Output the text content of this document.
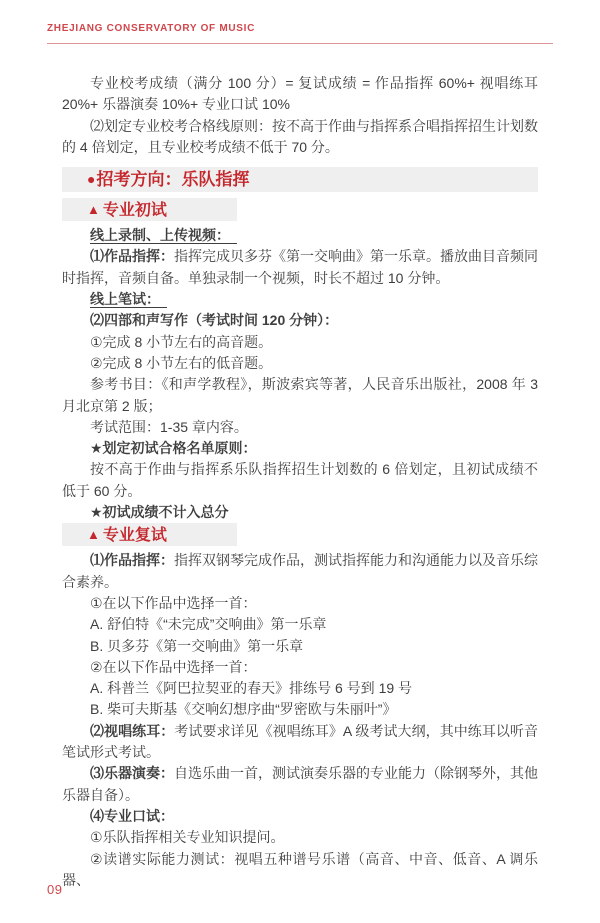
ZHEJIANG CONSERVATORY OF MUSIC

专业校考成绩（满分 100 分）= 复试成绩 = 作品指挥 60%+ 视唱练耳 20%+ 乐器演奏 10%+ 专业口试 10%

⑵划定专业校考合格线原则：按不高于作曲与指挥系合唱指挥招生计划数的 4 倍划定，且专业校考成绩不低于 70 分。

●招考方向：乐队指挥
▲ 专业初试

线上录制、上传视频：

⑴作品指挥：指挥完成贝多芬《第一交响曲》第一乐章。播放曲目音频同时指挥，音频自备。单独录制一个视频，时长不超过 10 分钟。

线上笔试：

⑵四部和声写作（考试时间 120 分钟）：

①完成 8 小节左右的高音题。

②完成 8 小节左右的低音题。

参考书目：《和声学教程》，斯波索宾等著，人民音乐出版社，2008 年 3 月北京第 2 版；

考试范围：1-35 章内容。

★划定初试合格名单原则：

按不高于作曲与指挥系乐队指挥招生计划数的 6 倍划定，且初试成绩不低于 60 分。

★初试成绩不计入总分

▲ 专业复试

⑴作品指挥：指挥双钢琴完成作品，测试指挥能力和沟通能力以及音乐综合素养。

①在以下作品中选择一首：

A. 舒伯特《“未完成”交响曲》第一乐章

B. 贝多芬《第一交响曲》第一乐章

②在以下作品中选择一首：

A. 科普兰《阿巴拉契亚的春天》排练号 6 号到 19 号

B. 柴可夫斯基《交响幻想序曲“罗密欧与朱丽叶”》

⑵视唱练耳：考试要求详见《视唱练耳》A 级考试大纲，其中练耳以听音笔试形式考试。

⑶乐器演奏：自选乐曲一首，测试演奏乐器的专业能力（除钢琴外，其他乐器自备）。

⑷专业口试：

①乐队指挥相关专业知识提问。

②读谱实际能力测试：视唱五种谱号乐谱（高音、中音、低音、A 调乐器、

09
